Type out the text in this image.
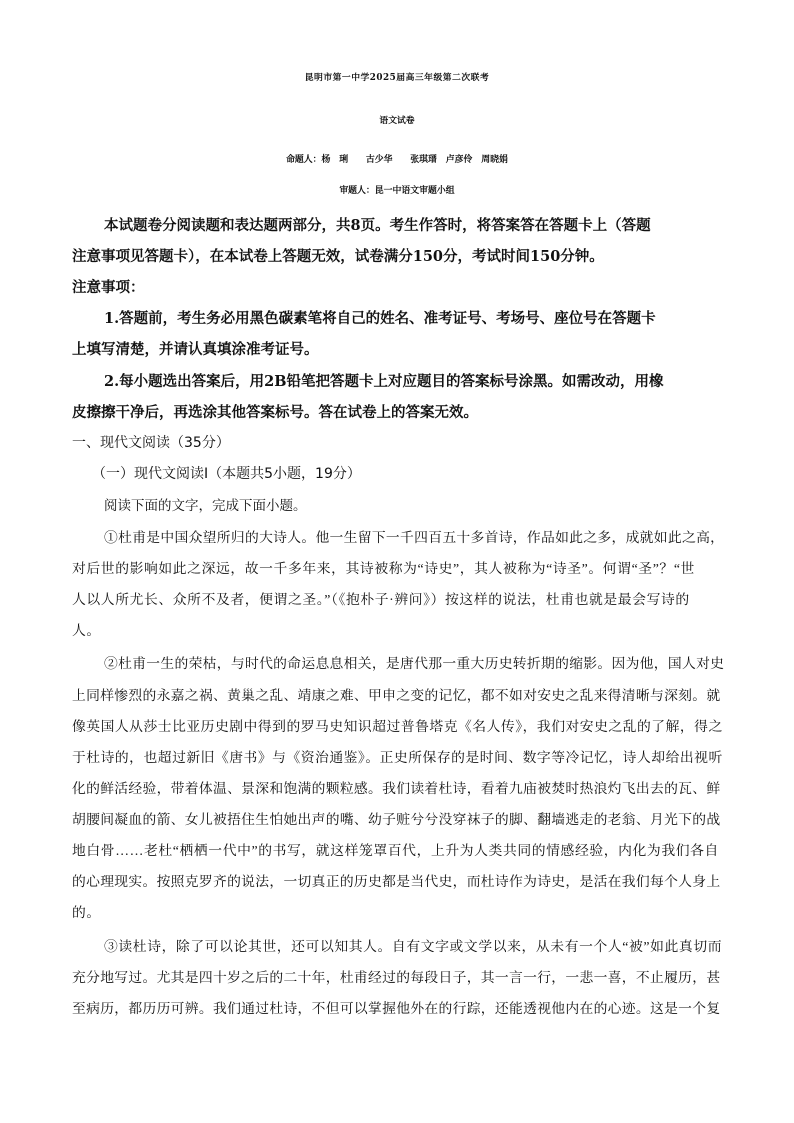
昆明市第一中学2025届高三年级第二次联考
语文试卷
命题人：杨　琍　　古少华　　张琪瑨　卢彦伶　周晓娟
审题人：昆一中语文审题小组
本试题卷分阅读题和表达题两部分，共8页。考生作答时，将答案答在答题卡上（答题
注意事项见答题卡），在本试卷上答题无效，试卷满分150分，考试时间150分钟。
注意事项：
1.答题前，考生务必用黑色碳素笔将自己的姓名、准考证号、考场号、座位号在答题卡
上填写清楚，并请认真填涂准考证号。
2.每小题选出答案后，用2B铅笔把答题卡上对应题目的答案标号涂黑。如需改动，用橡
皮擦擦干净后，再选涂其他答案标号。答在试卷上的答案无效。
一、现代文阅读（35分）
（一）现代文阅读Ⅰ（本题共5小题，19分）
阅读下面的文字，完成下面小题。
①杜甫是中国众望所归的大诗人。他一生留下一千四百五十多首诗，作品如此之多，成就如此之高，
对后世的影响如此之深远，故一千多年来，其诗被称为“诗史”，其人被称为“诗圣”。何谓“圣”？“世
人以人所尤长、众所不及者，便谓之圣。”（《抱朴子·辨问》）按这样的说法，杜甫也就是最会写诗的
人。
②杜甫一生的荣枯，与时代的命运息息相关，是唐代那一重大历史转折期的缩影。因为他，国人对史
上同样惨烈的永嘉之祸、黄巢之乱、靖康之难、甲申之变的记忆，都不如对安史之乱来得清晰与深刻。就
像英国人从莎士比亚历史剧中得到的罗马史知识超过普鲁塔克《名人传》，我们对安史之乱的了解，得之
于杜诗的，也超过新旧《唐书》与《资治通鉴》。正史所保存的是时间、数字等冷记忆，诗人却给出视听
化的鲜活经验，带着体温、景深和饱满的颗粒感。我们读着杜诗，看着九庙被焚时热浪灼飞出去的瓦、鲜
胡腰间凝血的箭、女儿被捂住生怕她出声的嘴、幼子赃兮兮没穿袜子的脚、翻墙逃走的老翁、月光下的战
地白骨……老杜“栖栖一代中”的书写，就这样笼罩百代，上升为人类共同的情感经验，内化为我们各自
的心理现实。按照克罗齐的说法，一切真正的历史都是当代史，而杜诗作为诗史，是活在我们每个人身上
的。
③读杜诗，除了可以论其世，还可以知其人。自有文字或文学以来，从未有一个人“被”如此真切而
充分地写过。尤其是四十岁之后的二十年，杜甫经过的每段日子，其一言一行，一悲一喜，不止履历，甚
至病历，都历历可辨。我们通过杜诗，不但可以掌握他外在的行踪，还能透视他内在的心迹。这是一个复
